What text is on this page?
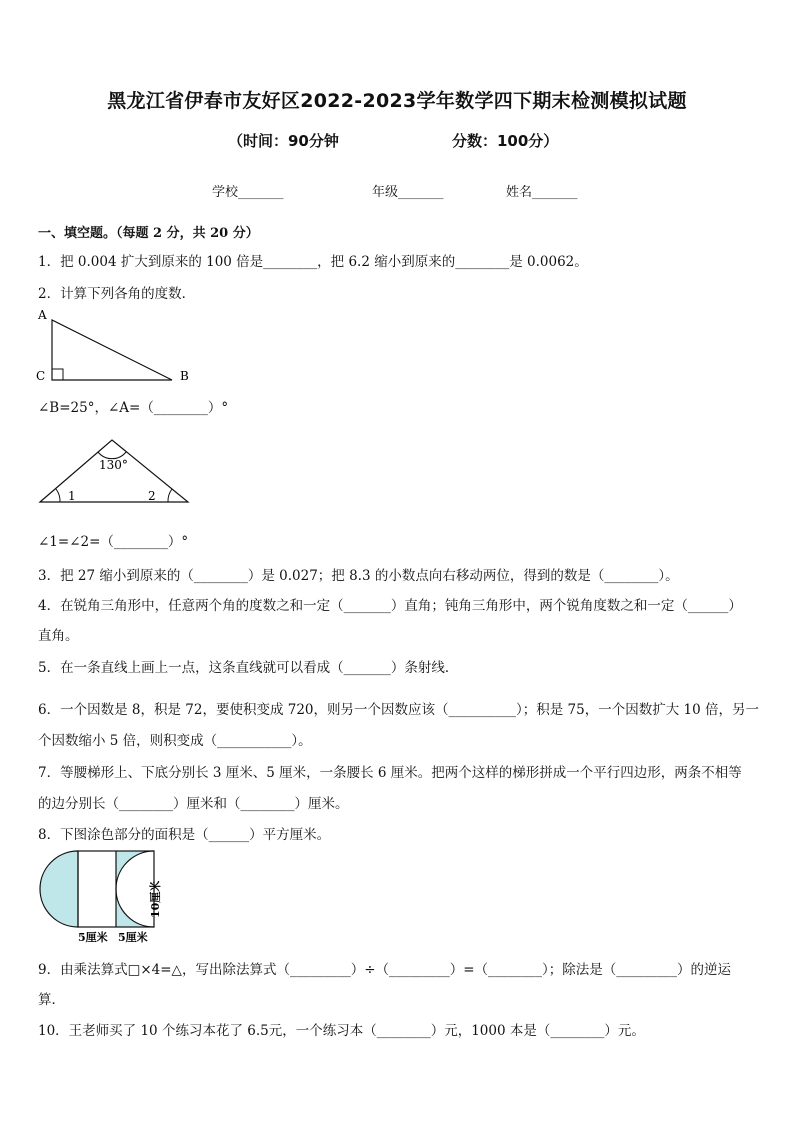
黑龙江省伊春市友好区2022-2023学年数学四下期末检测模拟试题
（时间：90分钟	分数：100分）
学校_______	年级_______	姓名_______
一、填空题。（每题 2 分，共 20 分）
1．把 0.004 扩大到原来的 100 倍是________，把 6.2 缩小到原来的________是 0.0062。
2．计算下列各角的度数．
A
C	B
∠B=25°，∠A=（________）°
130°
1	2
∠1=∠2=（________）°
3．把 27 缩小到原来的（________）是 0.027；把 8.3 的小数点向右移动两位，得到的数是（________）。
4．在锐角三角形中，任意两个角的度数之和一定（_______）直角；钝角三角形中，两个锐角度数之和一定（______）
直角。
5．在一条直线上画上一点，这条直线就可以看成（_______）条射线．
6．一个因数是 8，积是 72，要使积变成 720，则另一个因数应该（__________）；积是 75，一个因数扩大 10 倍，另一
个因数缩小 5 倍，则积变成（___________）。
7．等腰梯形上、下底分别长 3 厘米、5 厘米，一条腰长 6 厘米。把两个这样的梯形拼成一个平行四边形，两条不相等
的边分别长（________）厘米和（________）厘米。
8．下图涂色部分的面积是（______）平方厘米。
5厘米 5厘米
10厘米
9．由乘法算式□×4=△，写出除法算式（_________）÷（_________）=（________）；除法是（_________）的逆运
算．
10．王老师买了 10 个练习本花了 6.5元，一个练习本（________）元，1000 本是（________）元。
